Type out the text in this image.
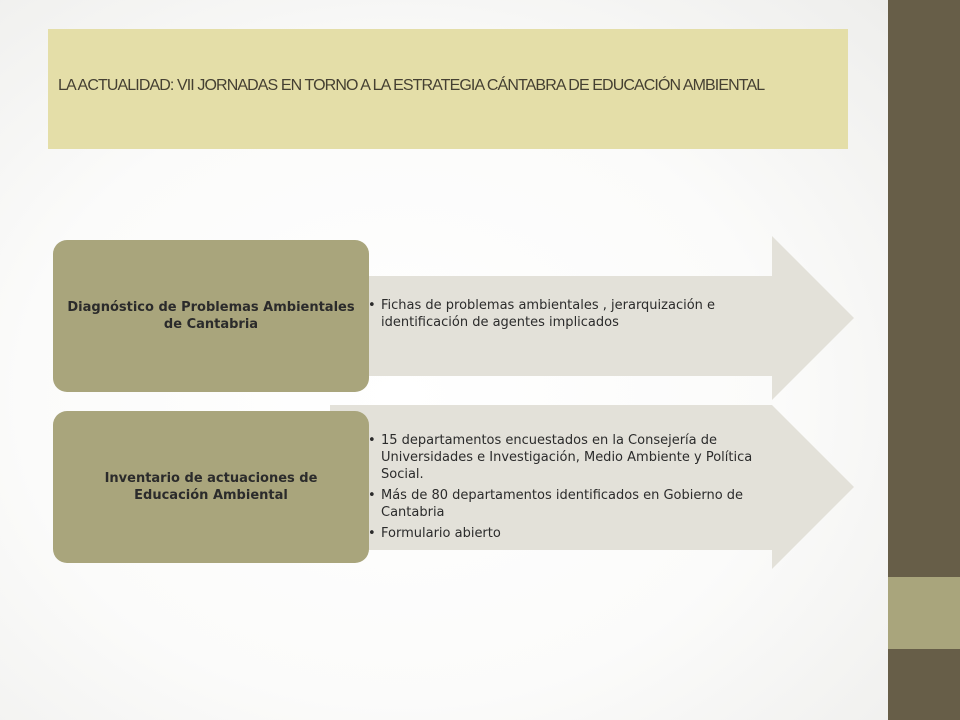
LA ACTUALIDAD: VII JORNADAS EN TORNO A LA ESTRATEGIA CÁNTABRA DE EDUCACIÓN AMBIENTAL
Diagnóstico de Problemas Ambientales de Cantabria
• Fichas de problemas ambientales , jerarquización e identificación de agentes implicados
Inventario de actuaciones de Educación Ambiental
• 15 departamentos encuestados en la Consejería de Universidades e Investigación, Medio Ambiente y Política Social.
• Más de 80 departamentos identificados en Gobierno de Cantabria
• Formulario abierto
